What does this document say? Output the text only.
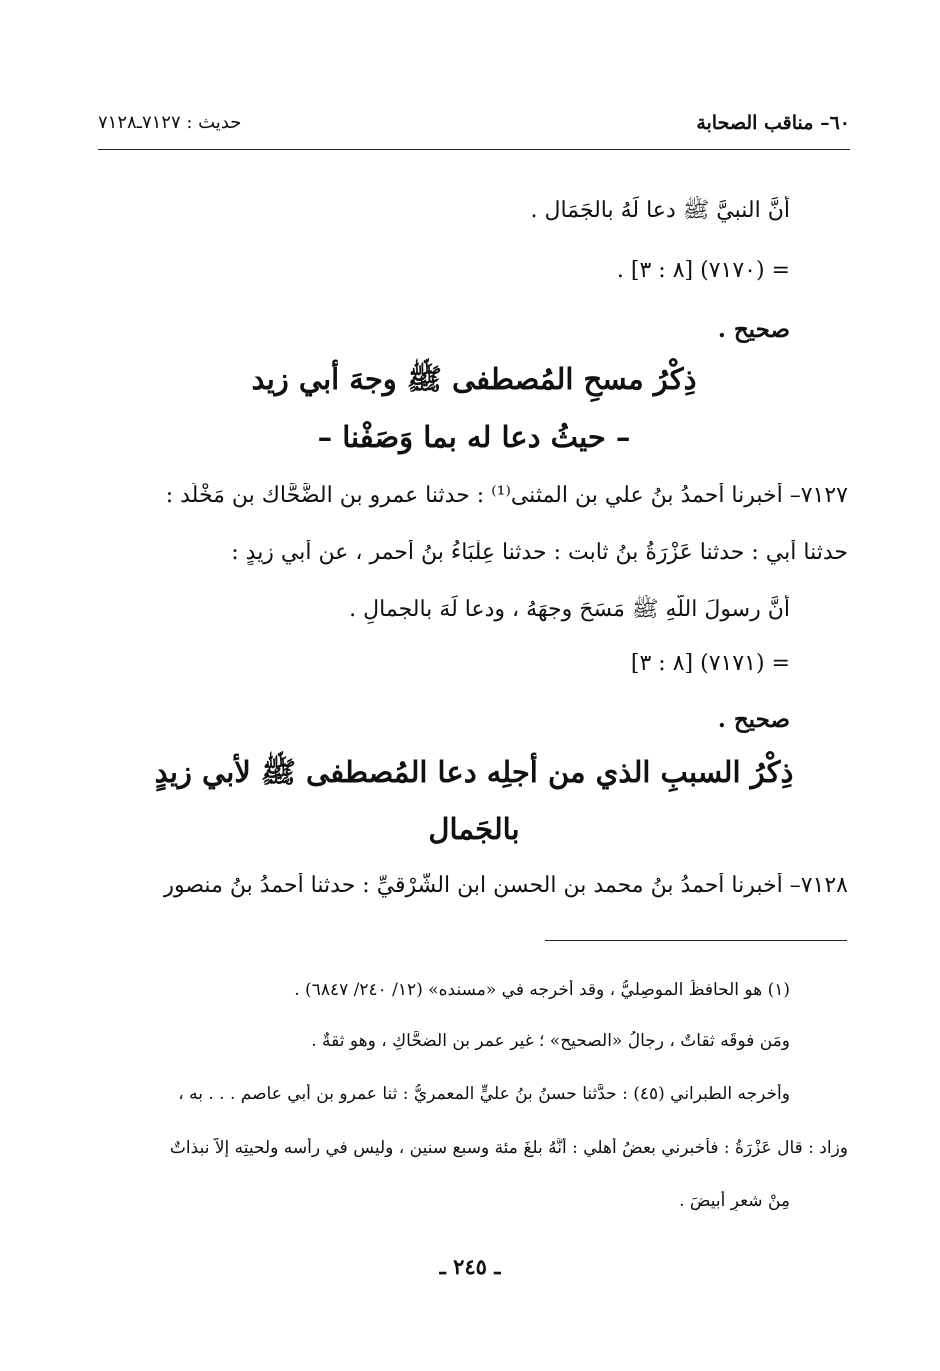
٦٠– مناقب الصحابة
حديث : ٧١٢٧ـ٧١٢٨
أنَّ النبيَّ ﷺ دعا لَهُ بالجَمَال .
= (٧١٧٠) [٨ : ٣] .
صحيح .
ذِكْرُ مسحِ المُصطفى ﷺ وجهَ أبي زيد
– حيثُ دعا له بما وَصَفْنا –
٧١٢٧– أخبرنا أحمدُ بنُ علي بن المثنى⁽¹⁾ : حدثنا عمرو بن الضَّحَّاك بن مَخْلَد :
حدثنا أبي : حدثنا عَزْرَةُ بنُ ثابت : حدثنا عِلْبَاءُ بنُ أحمر ، عن أبي زيدٍ :
أنَّ رسولَ اللَّهِ ﷺ مَسَحَ وجهَهُ ، ودعا لَهَ بالجمالِ .
= (٧١٧١) [٨ : ٣]
صحيح .
ذِكْرُ السببِ الذي من أجلِه دعا المُصطفى ﷺ لأبي زيدٍ
بالجَمال
٧١٢٨– أخبرنا أحمدُ بنُ محمد بنِ الحسن ابن الشَّرْقيِّ : حدثنا أحمدُ بنُ منصور
(١) هو الحافظُ الموصِليُّ ، وقد أخرجه في «مسنده» (١٢/ ٢٤٠/ ٦٨٤٧) .
ومَن فوقَه ثقاتٌ ، رجالُ «الصحيح» ؛ غير عمر بن الضحَّاكِ ، وهو ثقةٌ .
وأخرجه الطبراني (٤٥) : حدَّثنا حسنُ بنُ عليٍّ المعمريُّ : ثنا عمرو بن أبي عاصمٍ . . . به ،
وزاد : قال عَزْرَةُ : فأخبرني بعضُ أهلي : أَنَّهُ بلغَ مئة وسبع سنين ، وليس في رأسه ولحيتِه إلاَّ نبذاتٌ
مِنْ شعرٍ أبيضَ .
ـ ٢٤٥ ـ
